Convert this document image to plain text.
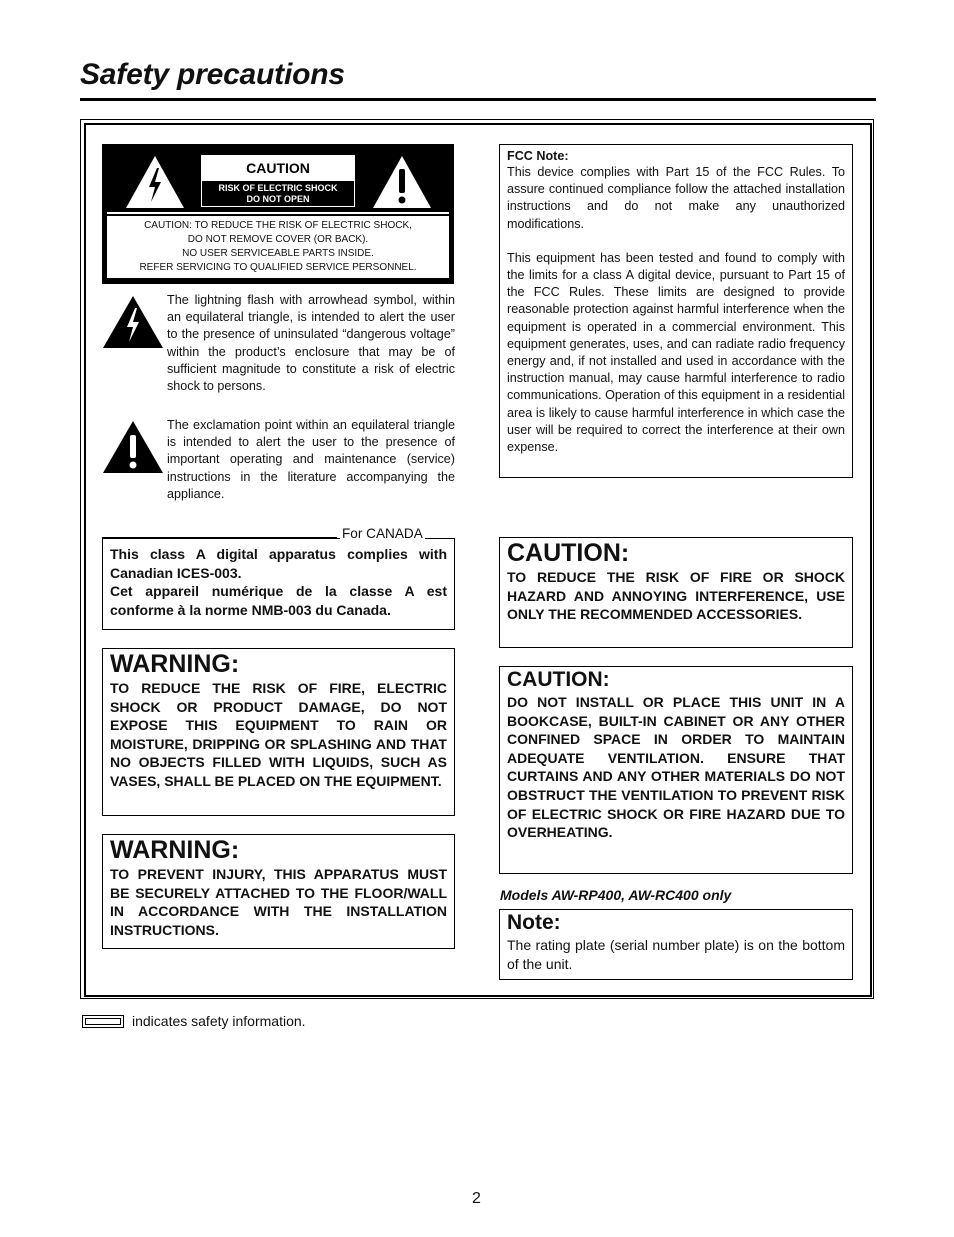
Safety precautions
CAUTION
RISK OF ELECTRIC SHOCK
DO NOT OPEN
CAUTION: TO REDUCE THE RISK OF ELECTRIC SHOCK,
DO NOT REMOVE COVER (OR BACK).
NO USER SERVICEABLE PARTS INSIDE.
REFER SERVICING TO QUALIFIED SERVICE PERSONNEL.
The lightning flash with arrowhead symbol, within an equilateral triangle, is intended to alert the user to the presence of uninsulated “dangerous voltage” within the product’s enclosure that may be of sufficient magnitude to constitute a risk of electric shock to persons.
The exclamation point within an equilateral triangle is intended to alert the user to the presence of important operating and maintenance (service) instructions in the literature accompanying the appliance.
FCC Note:

This device complies with Part 15 of the FCC Rules. To assure continued compliance follow the attached installation instructions and do not make any unauthorized modifications.

This equipment has been tested and found to comply with the limits for a class A digital device, pursuant to Part 15 of the FCC Rules. These limits are designed to provide reasonable protection against harmful interference when the equipment is operated in a commercial environment. This equipment generates, uses, and can radiate radio frequency energy and, if not installed and used in accordance with the instruction manual, may cause harmful interference to radio communications. Operation of this equipment in a residential area is likely to cause harmful interference in which case the user will be required to correct the interference at their own expense.

This class A digital apparatus complies with Canadian ICES-003.
Cet appareil numérique de la classe A est conforme à la norme NMB-003 du Canada.
For CANADA
WARNING:
TO REDUCE THE RISK OF FIRE, ELECTRIC SHOCK OR PRODUCT DAMAGE, DO NOT EXPOSE THIS EQUIPMENT TO RAIN OR MOISTURE, DRIPPING OR SPLASHING AND THAT NO OBJECTS FILLED WITH LIQUIDS, SUCH AS VASES, SHALL BE PLACED ON THE EQUIPMENT.
WARNING:
TO PREVENT INJURY, THIS APPARATUS MUST BE SECURELY ATTACHED TO THE FLOOR/WALL IN ACCORDANCE WITH THE INSTALLATION INSTRUCTIONS.
CAUTION:
TO REDUCE THE RISK OF FIRE OR SHOCK HAZARD AND ANNOYING INTERFERENCE, USE ONLY THE RECOMMENDED ACCESSORIES.
CAUTION:
DO NOT INSTALL OR PLACE THIS UNIT IN A BOOKCASE, BUILT-IN CABINET OR ANY OTHER CONFINED SPACE IN ORDER TO MAINTAIN ADEQUATE VENTILATION. ENSURE THAT CURTAINS AND ANY OTHER MATERIALS DO NOT OBSTRUCT THE VENTILATION TO PREVENT RISK OF ELECTRIC SHOCK OR FIRE HAZARD DUE TO OVERHEATING.
Models AW-RP400, AW-RC400 only
Note:
The rating plate (serial number plate) is on the bottom of the unit.
indicates safety information.
2
